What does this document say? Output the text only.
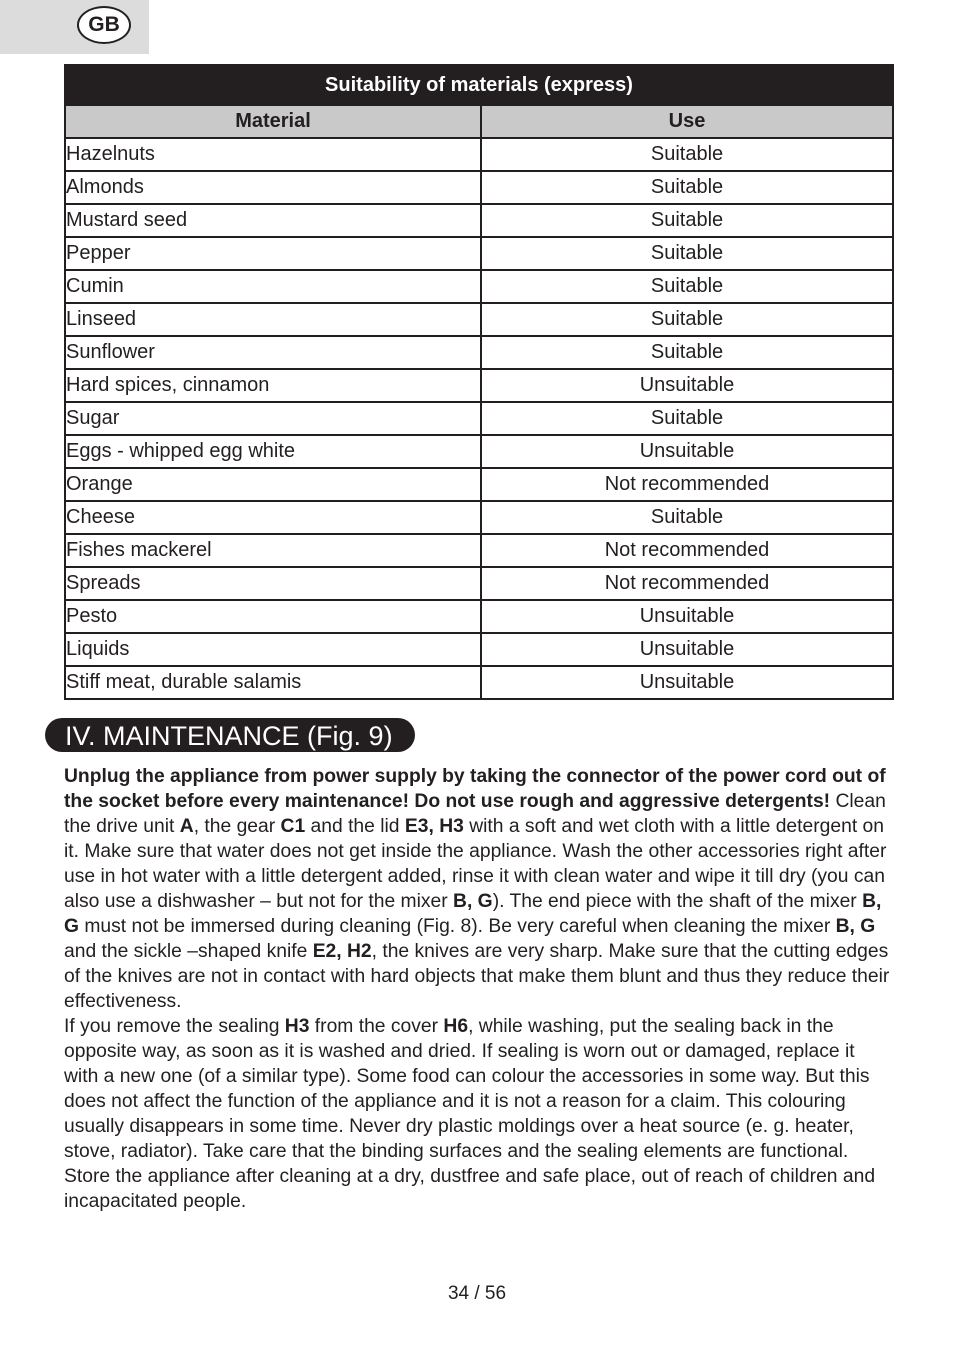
GB
Suitability of materials (express)	
Material	Use
Hazelnuts	Suitable
Almonds	Suitable
Mustard seed	Suitable
Pepper	Suitable
Cumin	Suitable
Linseed	Suitable
Sunflower	Suitable
Hard spices, cinnamon	Unsuitable
Sugar	Suitable
Eggs - whipped egg white	Unsuitable
Orange	Not recommended
Cheese	Suitable
Fishes mackerel	Not recommended
Spreads	Not recommended
Pesto	Unsuitable
Liquids	Unsuitable
Stiff meat, durable salamis	Unsuitable
IV. MAINTENANCE (Fig. 9)

Unplug the appliance from power supply by taking the connector of the power cord out of the socket before every maintenance! Do not use rough and aggressive detergents! Clean the drive unit A, the gear C1 and the lid E3, H3 with a soft and wet cloth with a little detergent on it. Make sure that water does not get inside the appliance. Wash the other accessories right after use in hot water with a little detergent added, rinse it with clean water and wipe it till dry (you can also use a dishwasher – but not for the mixer B, G). The end piece with the shaft of the mixer B, G must not be immersed during cleaning (Fig. 8). Be very careful when cleaning the mixer B, G and the sickle –shaped knife E2, H2, the knives are very sharp. Make sure that the cutting edges of the knives are not in contact with hard objects that make them blunt and thus they reduce their effectiveness.

If you remove the sealing H3 from the cover H6, while washing, put the sealing back in the opposite way, as soon as it is washed and dried. If sealing is worn out or damaged, replace it with a new one (of a similar type). Some food can colour the accessories in some way. But this does not affect the function of the appliance and it is not a reason for a claim. This colouring usually disappears in some time. Never dry plastic moldings over a heat source (e. g. heater, stove, radiator). Take care that the binding surfaces and the sealing elements are functional. Store the appliance after cleaning at a dry, dustfree and safe place, out of reach of children and incapacitated people.

34 / 56
